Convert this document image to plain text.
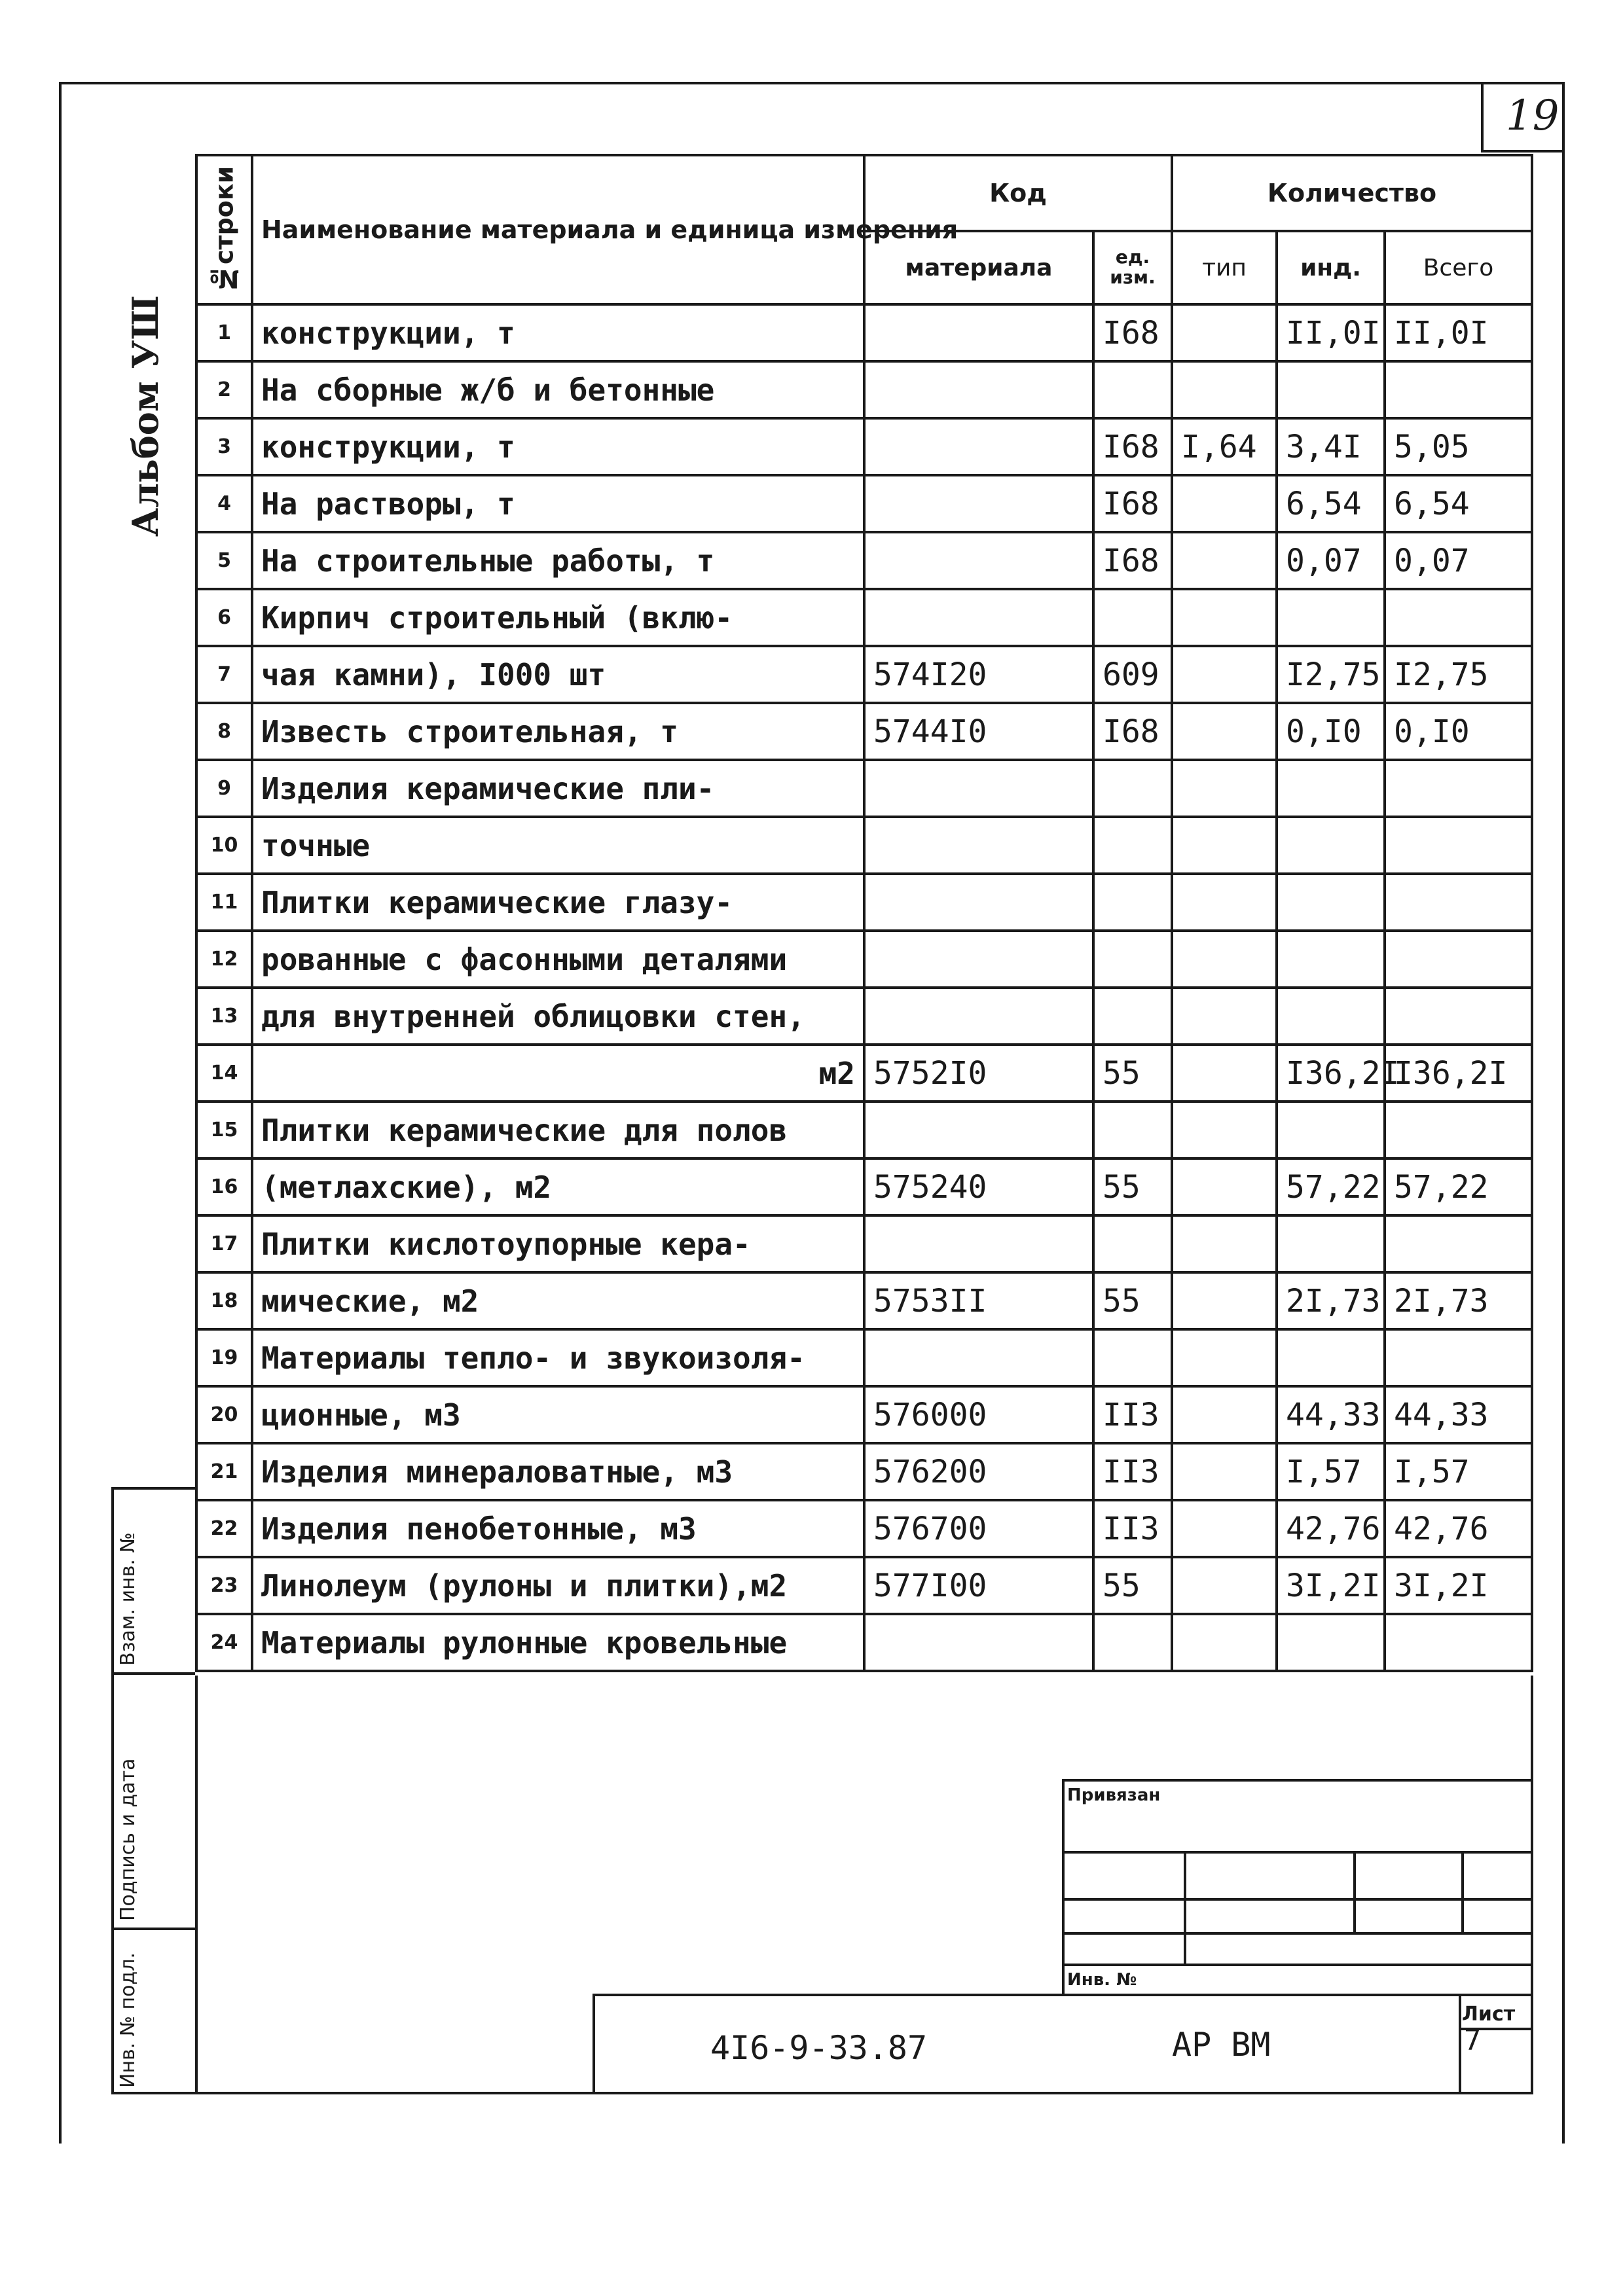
19
Альбом УШ
№строки	Наименование материала и единица измерения	Код		Количество		
		материала	ед. изм.	тип	инд.	Всего
1	конструкции, т		I68		II,0I	II,0I
2	На сборные ж/б и бетонные					
3	конструкции, т		I68	I,64	3,4I	5,05
4	На растворы, т		I68		6,54	6,54
5	На строительные работы, т		I68		0,07	0,07
6	Кирпич строительный (вклю-					
7	чая камни), I000 шт	574I20	609		I2,75	I2,75
8	Известь строительная, т	5744I0	I68		0,I0	0,I0
9	Изделия керамические пли-					
10	точные					
11	Плитки керамические глазу-					
12	рованные с фасонными деталями					
13	для внутренней облицовки стен,					
14	м2	5752I0	55		I36,2I	I36,2I
15	Плитки керамические для полов					
16	(метлахские), м2	575240	55		57,22	57,22
17	Плитки кислотоупорные кера-					
18	мические, м2	5753II	55		2I,73	2I,73
19	Материалы тепло- и звукоизоля-					
20	ционные, м3	576000	II3		44,33	44,33
21	Изделия минераловатные, м3	576200	II3		I,57	I,57
22	Изделия пенобетонные, м3	576700	II3		42,76	42,76
23	Линолеум (рулоны и плитки),м2	577I00	55		3I,2I	3I,2I
24	Материалы рулонные кровельные					
Взам. инв. №
Подпись и дата
Инв. № подл.
Привязан
Инв. №
4I6-9-33.87	АР ВМ
Лист
7
